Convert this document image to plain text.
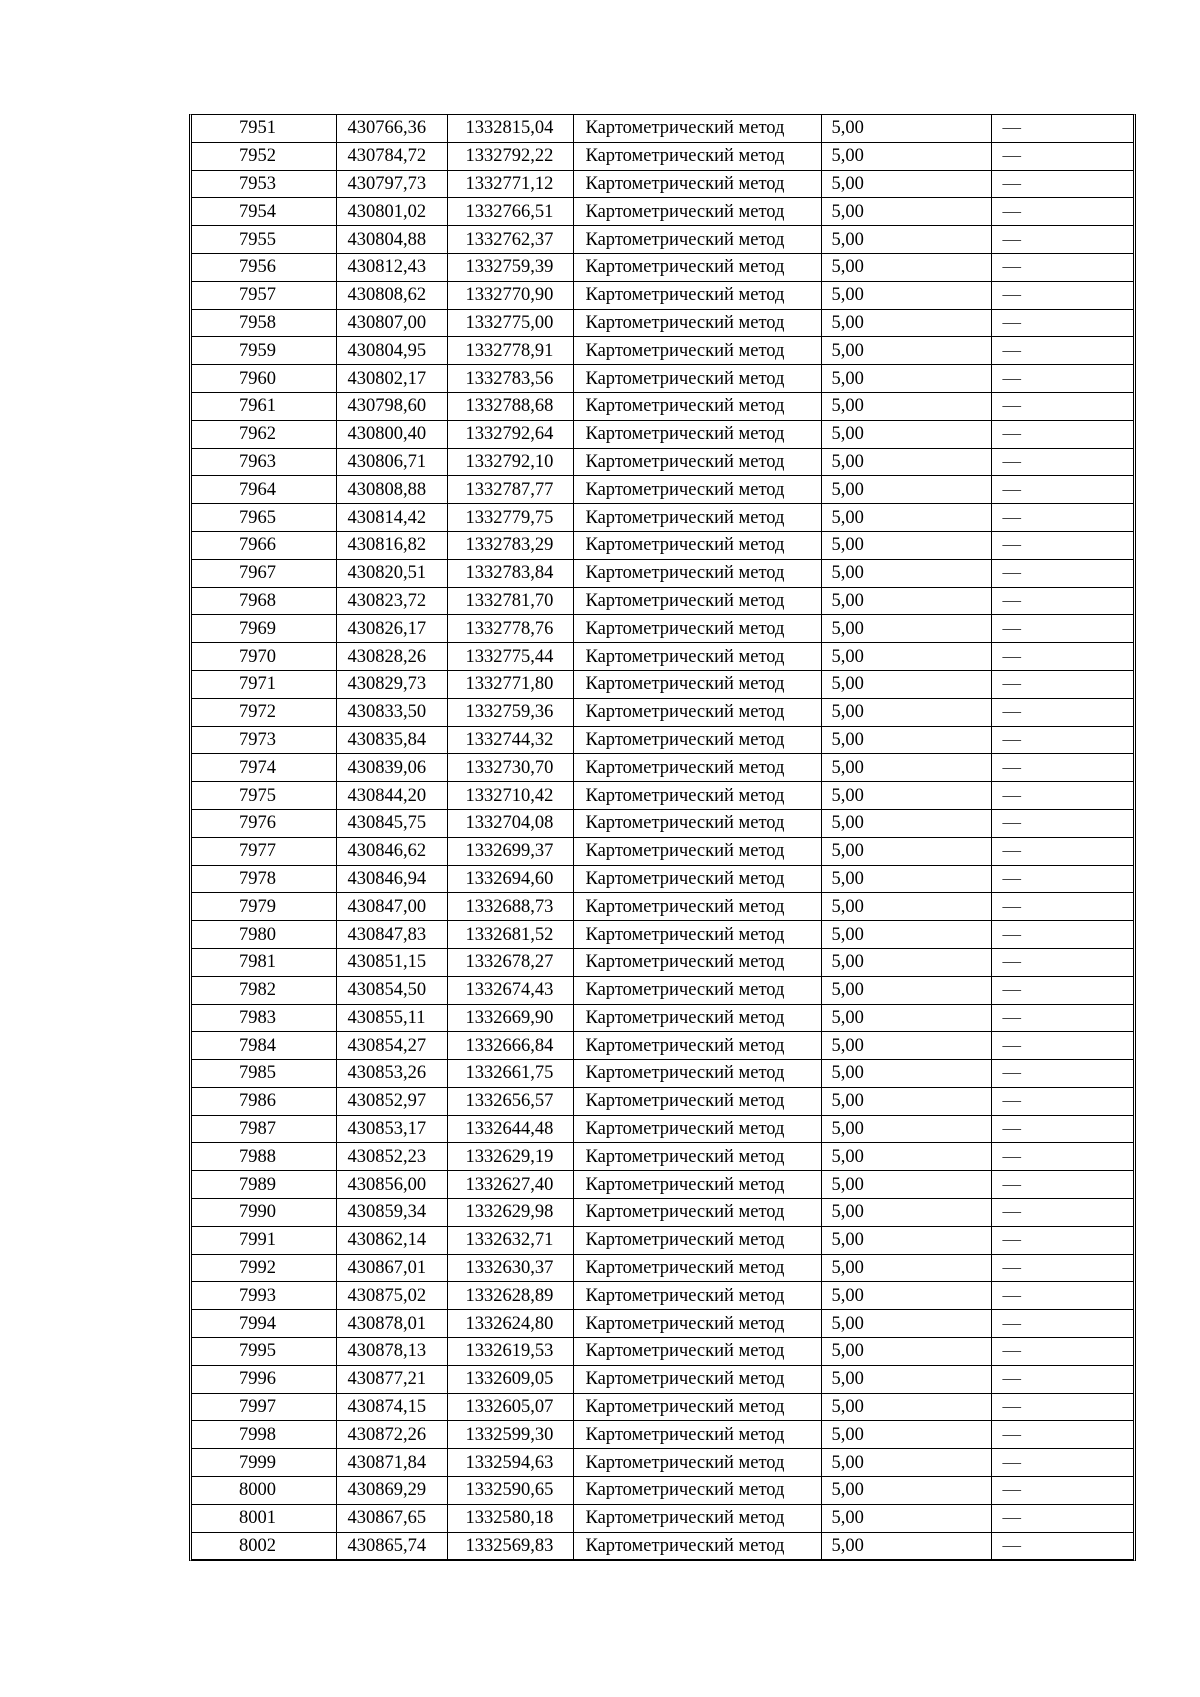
7951	430766,36	1332815,04	Картометрический метод	5,00	—
7952	430784,72	1332792,22	Картометрический метод	5,00	—
7953	430797,73	1332771,12	Картометрический метод	5,00	—
7954	430801,02	1332766,51	Картометрический метод	5,00	—
7955	430804,88	1332762,37	Картометрический метод	5,00	—
7956	430812,43	1332759,39	Картометрический метод	5,00	—
7957	430808,62	1332770,90	Картометрический метод	5,00	—
7958	430807,00	1332775,00	Картометрический метод	5,00	—
7959	430804,95	1332778,91	Картометрический метод	5,00	—
7960	430802,17	1332783,56	Картометрический метод	5,00	—
7961	430798,60	1332788,68	Картометрический метод	5,00	—
7962	430800,40	1332792,64	Картометрический метод	5,00	—
7963	430806,71	1332792,10	Картометрический метод	5,00	—
7964	430808,88	1332787,77	Картометрический метод	5,00	—
7965	430814,42	1332779,75	Картометрический метод	5,00	—
7966	430816,82	1332783,29	Картометрический метод	5,00	—
7967	430820,51	1332783,84	Картометрический метод	5,00	—
7968	430823,72	1332781,70	Картометрический метод	5,00	—
7969	430826,17	1332778,76	Картометрический метод	5,00	—
7970	430828,26	1332775,44	Картометрический метод	5,00	—
7971	430829,73	1332771,80	Картометрический метод	5,00	—
7972	430833,50	1332759,36	Картометрический метод	5,00	—
7973	430835,84	1332744,32	Картометрический метод	5,00	—
7974	430839,06	1332730,70	Картометрический метод	5,00	—
7975	430844,20	1332710,42	Картометрический метод	5,00	—
7976	430845,75	1332704,08	Картометрический метод	5,00	—
7977	430846,62	1332699,37	Картометрический метод	5,00	—
7978	430846,94	1332694,60	Картометрический метод	5,00	—
7979	430847,00	1332688,73	Картометрический метод	5,00	—
7980	430847,83	1332681,52	Картометрический метод	5,00	—
7981	430851,15	1332678,27	Картометрический метод	5,00	—
7982	430854,50	1332674,43	Картометрический метод	5,00	—
7983	430855,11	1332669,90	Картометрический метод	5,00	—
7984	430854,27	1332666,84	Картометрический метод	5,00	—
7985	430853,26	1332661,75	Картометрический метод	5,00	—
7986	430852,97	1332656,57	Картометрический метод	5,00	—
7987	430853,17	1332644,48	Картометрический метод	5,00	—
7988	430852,23	1332629,19	Картометрический метод	5,00	—
7989	430856,00	1332627,40	Картометрический метод	5,00	—
7990	430859,34	1332629,98	Картометрический метод	5,00	—
7991	430862,14	1332632,71	Картометрический метод	5,00	—
7992	430867,01	1332630,37	Картометрический метод	5,00	—
7993	430875,02	1332628,89	Картометрический метод	5,00	—
7994	430878,01	1332624,80	Картометрический метод	5,00	—
7995	430878,13	1332619,53	Картометрический метод	5,00	—
7996	430877,21	1332609,05	Картометрический метод	5,00	—
7997	430874,15	1332605,07	Картометрический метод	5,00	—
7998	430872,26	1332599,30	Картометрический метод	5,00	—
7999	430871,84	1332594,63	Картометрический метод	5,00	—
8000	430869,29	1332590,65	Картометрический метод	5,00	—
8001	430867,65	1332580,18	Картометрический метод	5,00	—
8002	430865,74	1332569,83	Картометрический метод	5,00	—
